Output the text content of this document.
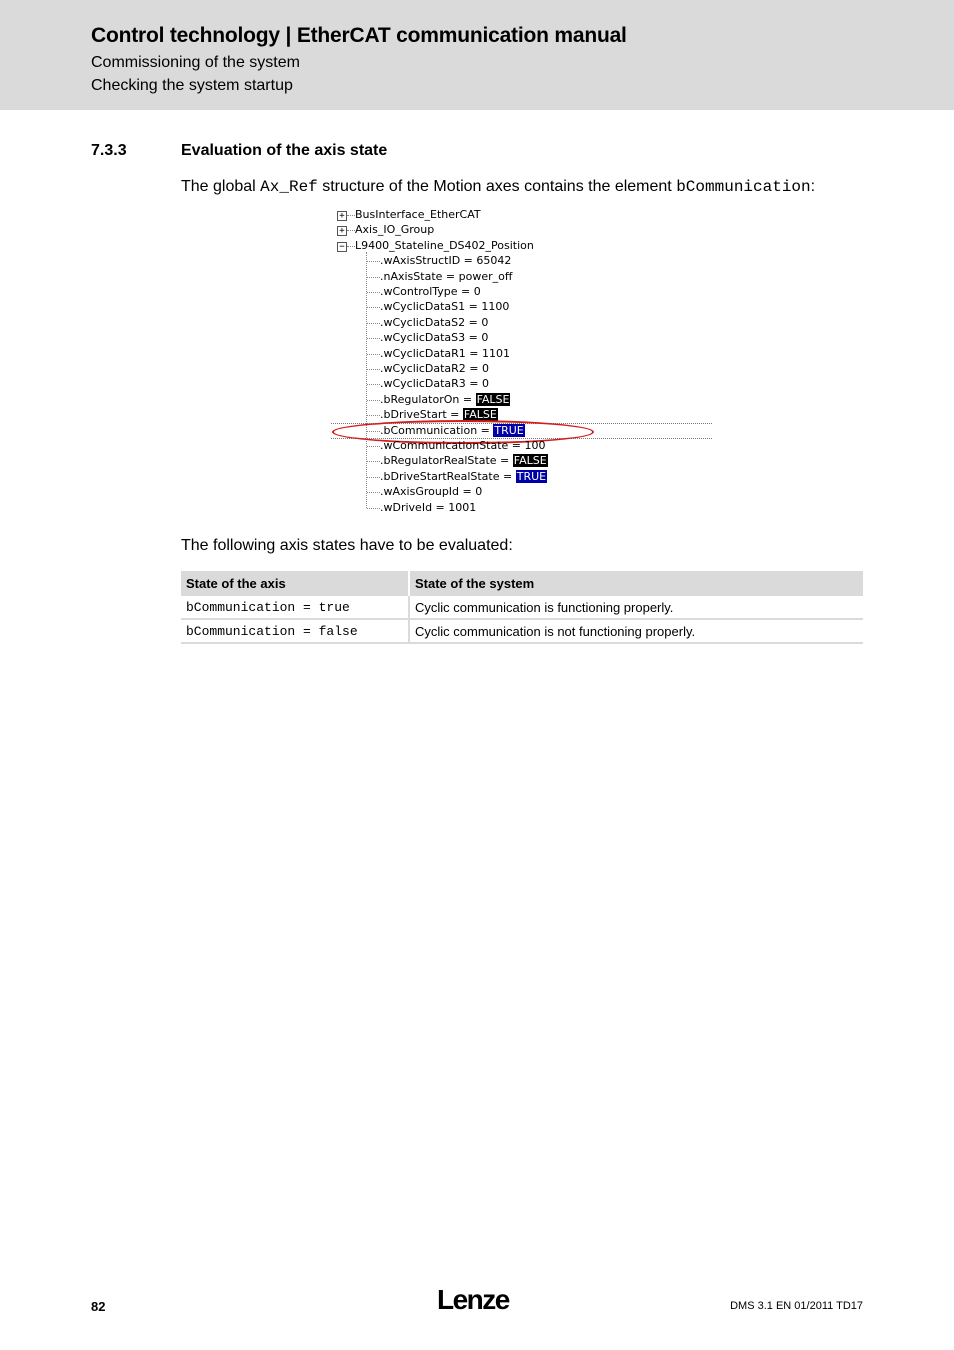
Control technology | EtherCAT communication manual
Commissioning of the system
Checking the system startup
7.3.3	Evaluation of the axis state
The global Ax_Ref structure of the Motion axes contains the element bCommunication:
+ BusInterface_EtherCAT
+ Axis_IO_Group
− L9400_Stateline_DS402_Position
.wAxisStructID = 65042
.nAxisState = power_off
.wControlType = 0
.wCyclicDataS1 = 1100
.wCyclicDataS2 = 0
.wCyclicDataS3 = 0
.wCyclicDataR1 = 1101
.wCyclicDataR2 = 0
.wCyclicDataR3 = 0
.bRegulatorOn = FALSE
.bDriveStart = FALSE
.bCommunication = TRUE
.wCommunicationState = 100
.bRegulatorRealState = FALSE
.bDriveStartRealState = TRUE
.wAxisGroupId = 0
.wDriveId = 1001
The following axis states have to be evaluated:
State of the axis	State of the system
bCommunication = true	Cyclic communication is functioning properly.
bCommunication = false	Cyclic communication is not functioning properly.
82	Lenze	DMS 3.1 EN 01/2011 TD17
